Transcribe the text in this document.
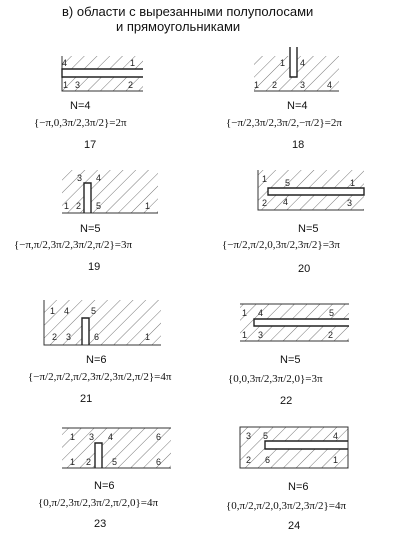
в) области с вырезанными полуполосами
и прямоугольниками
4	1
1 3	2
N=4
{−π,0,3π/2,3π/2}=2π
17
1 4
1 2	3 4
N=4
{−π/2,3π/2,3π/2,−π/2}=2π
18
3 4
1 2 5	1
N=5
{−π,π/2,3π/2,3π/2,π/2}=3π
19
1 5	1
2 4	3
N=5
{−π/2,π/2,0,3π/2,3π/2}=3π
20
1 4 5
2 3	6	1
N=6
{−π/2,π/2,π/2,3π/2,3π/2,π/2}=4π
21
1 4	5
1 3	2
N=5
{0,0,3π/2,3π/2,0}=3π
22
1 3 4	6
1 2 5	6
N=6
{0,π/2,3π/2,3π/2,π/2,0}=4π
23
3 5	4
2 6	1
N=6
{0,π/2,π/2,0,3π/2,3π/2}=4π
24
